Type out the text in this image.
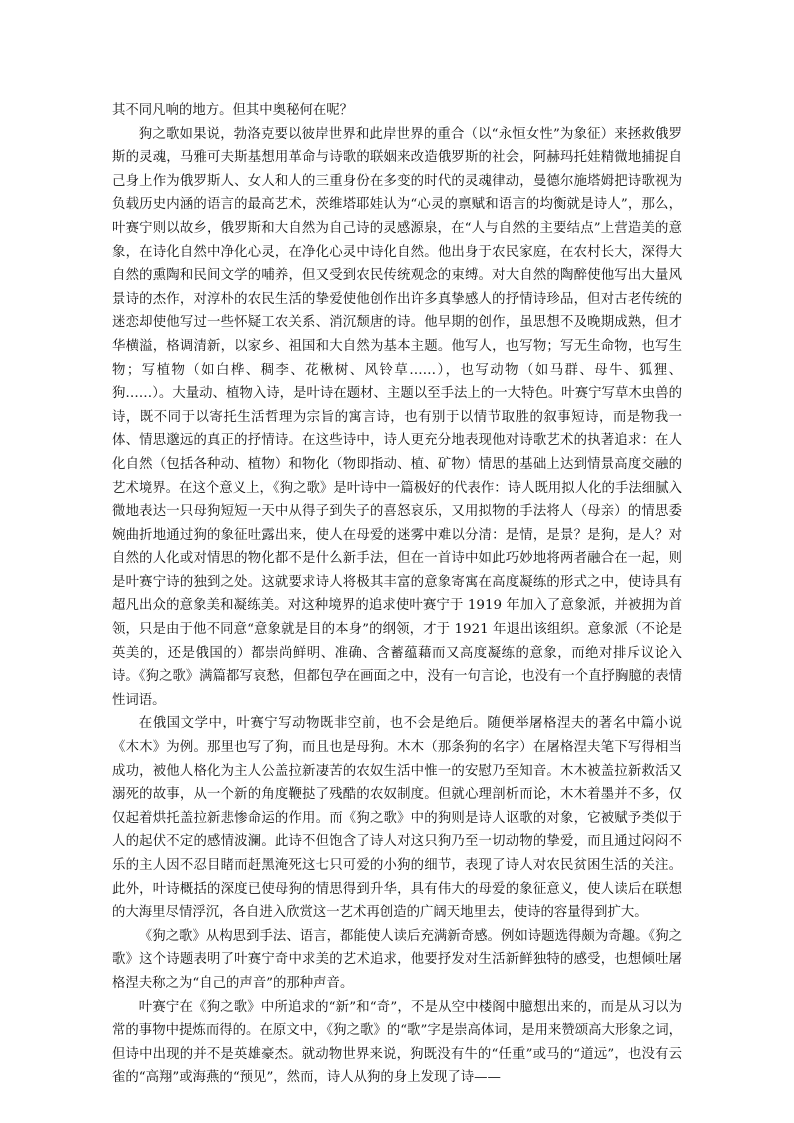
其不同凡响的地方。但其中奥秘何在呢？

狗之歌如果说，勃洛克要以彼岸世界和此岸世界的重合（以“永恒女性”为象征）来拯救俄罗斯的灵魂，马雅可夫斯基想用革命与诗歌的联姻来改造俄罗斯的社会，阿赫玛托娃精微地捕捉自己身上作为俄罗斯人、女人和人的三重身份在多变的时代的灵魂律动，曼德尔施塔姆把诗歌视为负载历史内涵的语言的最高艺术，茨维塔耶娃认为“心灵的禀赋和语言的均衡就是诗人”，那么，叶赛宁则以故乡，俄罗斯和大自然为自己诗的灵感源泉，在“人与自然的主要结点”上营造美的意象，在诗化自然中净化心灵，在净化心灵中诗化自然。他出身于农民家庭，在农村长大，深得大自然的熏陶和民间文学的哺养，但又受到农民传统观念的束缚。对大自然的陶醉使他写出大量风景诗的杰作，对淳朴的农民生活的挚爱使他创作出许多真挚感人的抒情诗珍品，但对古老传统的迷恋却使他写过一些怀疑工农关系、消沉颓唐的诗。他早期的创作，虽思想不及晚期成熟，但才华横溢，格调清新，以家乡、祖国和大自然为基本主题。他写人，也写物；写无生命物，也写生物；写植物（如白桦、稠李、花楸树、风铃草……），也写动物（如马群、母牛、狐狸、狗……）。大量动、植物入诗，是叶诗在题材、主题以至手法上的一大特色。叶赛宁写草木虫兽的诗，既不同于以寄托生活哲理为宗旨的寓言诗，也有别于以情节取胜的叙事短诗，而是物我一体、情思邈远的真正的抒情诗。在这些诗中，诗人更充分地表现他对诗歌艺术的执著追求：在人化自然（包括各种动、植物）和物化（物即指动、植、矿物）情思的基础上达到情景高度交融的艺术境界。在这个意义上，《狗之歌》是叶诗中一篇极好的代表作：诗人既用拟人化的手法细腻入微地表达一只母狗短短一天中从得子到失子的喜怒哀乐，又用拟物的手法将人（母亲）的情思委婉曲折地通过狗的象征吐露出来，使人在母爱的迷雾中难以分清：是情，是景？是狗，是人？对自然的人化或对情思的物化都不是什么新手法，但在一首诗中如此巧妙地将两者融合在一起，则是叶赛宁诗的独到之处。这就要求诗人将极其丰富的意象寄寓在高度凝练的形式之中，使诗具有超凡出众的意象美和凝练美。对这种境界的追求使叶赛宁于 1919 年加入了意象派，并被拥为首领，只是由于他不同意“意象就是目的本身”的纲领，才于 1921 年退出该组织。意象派（不论是英美的，还是俄国的）都崇尚鲜明、准确、含蓄蕴藉而又高度凝练的意象，而绝对排斥议论入诗。《狗之歌》满篇都写哀愁，但都包孕在画面之中，没有一句言论，也没有一个直抒胸臆的表情性词语。

在俄国文学中，叶赛宁写动物既非空前，也不会是绝后。随便举屠格涅夫的著名中篇小说《木木》为例。那里也写了狗，而且也是母狗。木木（那条狗的名字）在屠格涅夫笔下写得相当成功，被他人格化为主人公盖拉新凄苦的农奴生活中惟一的安慰乃至知音。木木被盖拉新救活又溺死的故事，从一个新的角度鞭挞了残酷的农奴制度。但就心理剖析而论，木木着墨并不多，仅仅起着烘托盖拉新悲惨命运的作用。而《狗之歌》中的狗则是诗人讴歌的对象，它被赋予类似于人的起伏不定的感情波澜。此诗不但饱含了诗人对这只狗乃至一切动物的挚爱，而且通过闷闷不乐的主人因不忍目睹而赶黑淹死这七只可爱的小狗的细节，表现了诗人对农民贫困生活的关注。此外，叶诗概括的深度已使母狗的情思得到升华，具有伟大的母爱的象征意义，使人读后在联想的大海里尽情浮沉，各自进入欣赏这一艺术再创造的广阔天地里去，使诗的容量得到扩大。

《狗之歌》从构思到手法、语言，都能使人读后充满新奇感。例如诗题选得颇为奇趣。《狗之歌》这个诗题表明了叶赛宁奇中求美的艺术追求，他要抒发对生活新鲜独特的感受，也想倾吐屠格涅夫称之为“自己的声音”的那种声音。

叶赛宁在《狗之歌》中所追求的“新”和“奇”，不是从空中楼阁中臆想出来的，而是从习以为常的事物中提炼而得的。在原文中，《狗之歌》的“歌”字是崇高体词，是用来赞颂高大形象之词，但诗中出现的并不是英雄豪杰。就动物世界来说，狗既没有牛的“任重”或马的“道远”，也没有云雀的“高翔”或海燕的“预见”，然而，诗人从狗的身上发现了诗——
